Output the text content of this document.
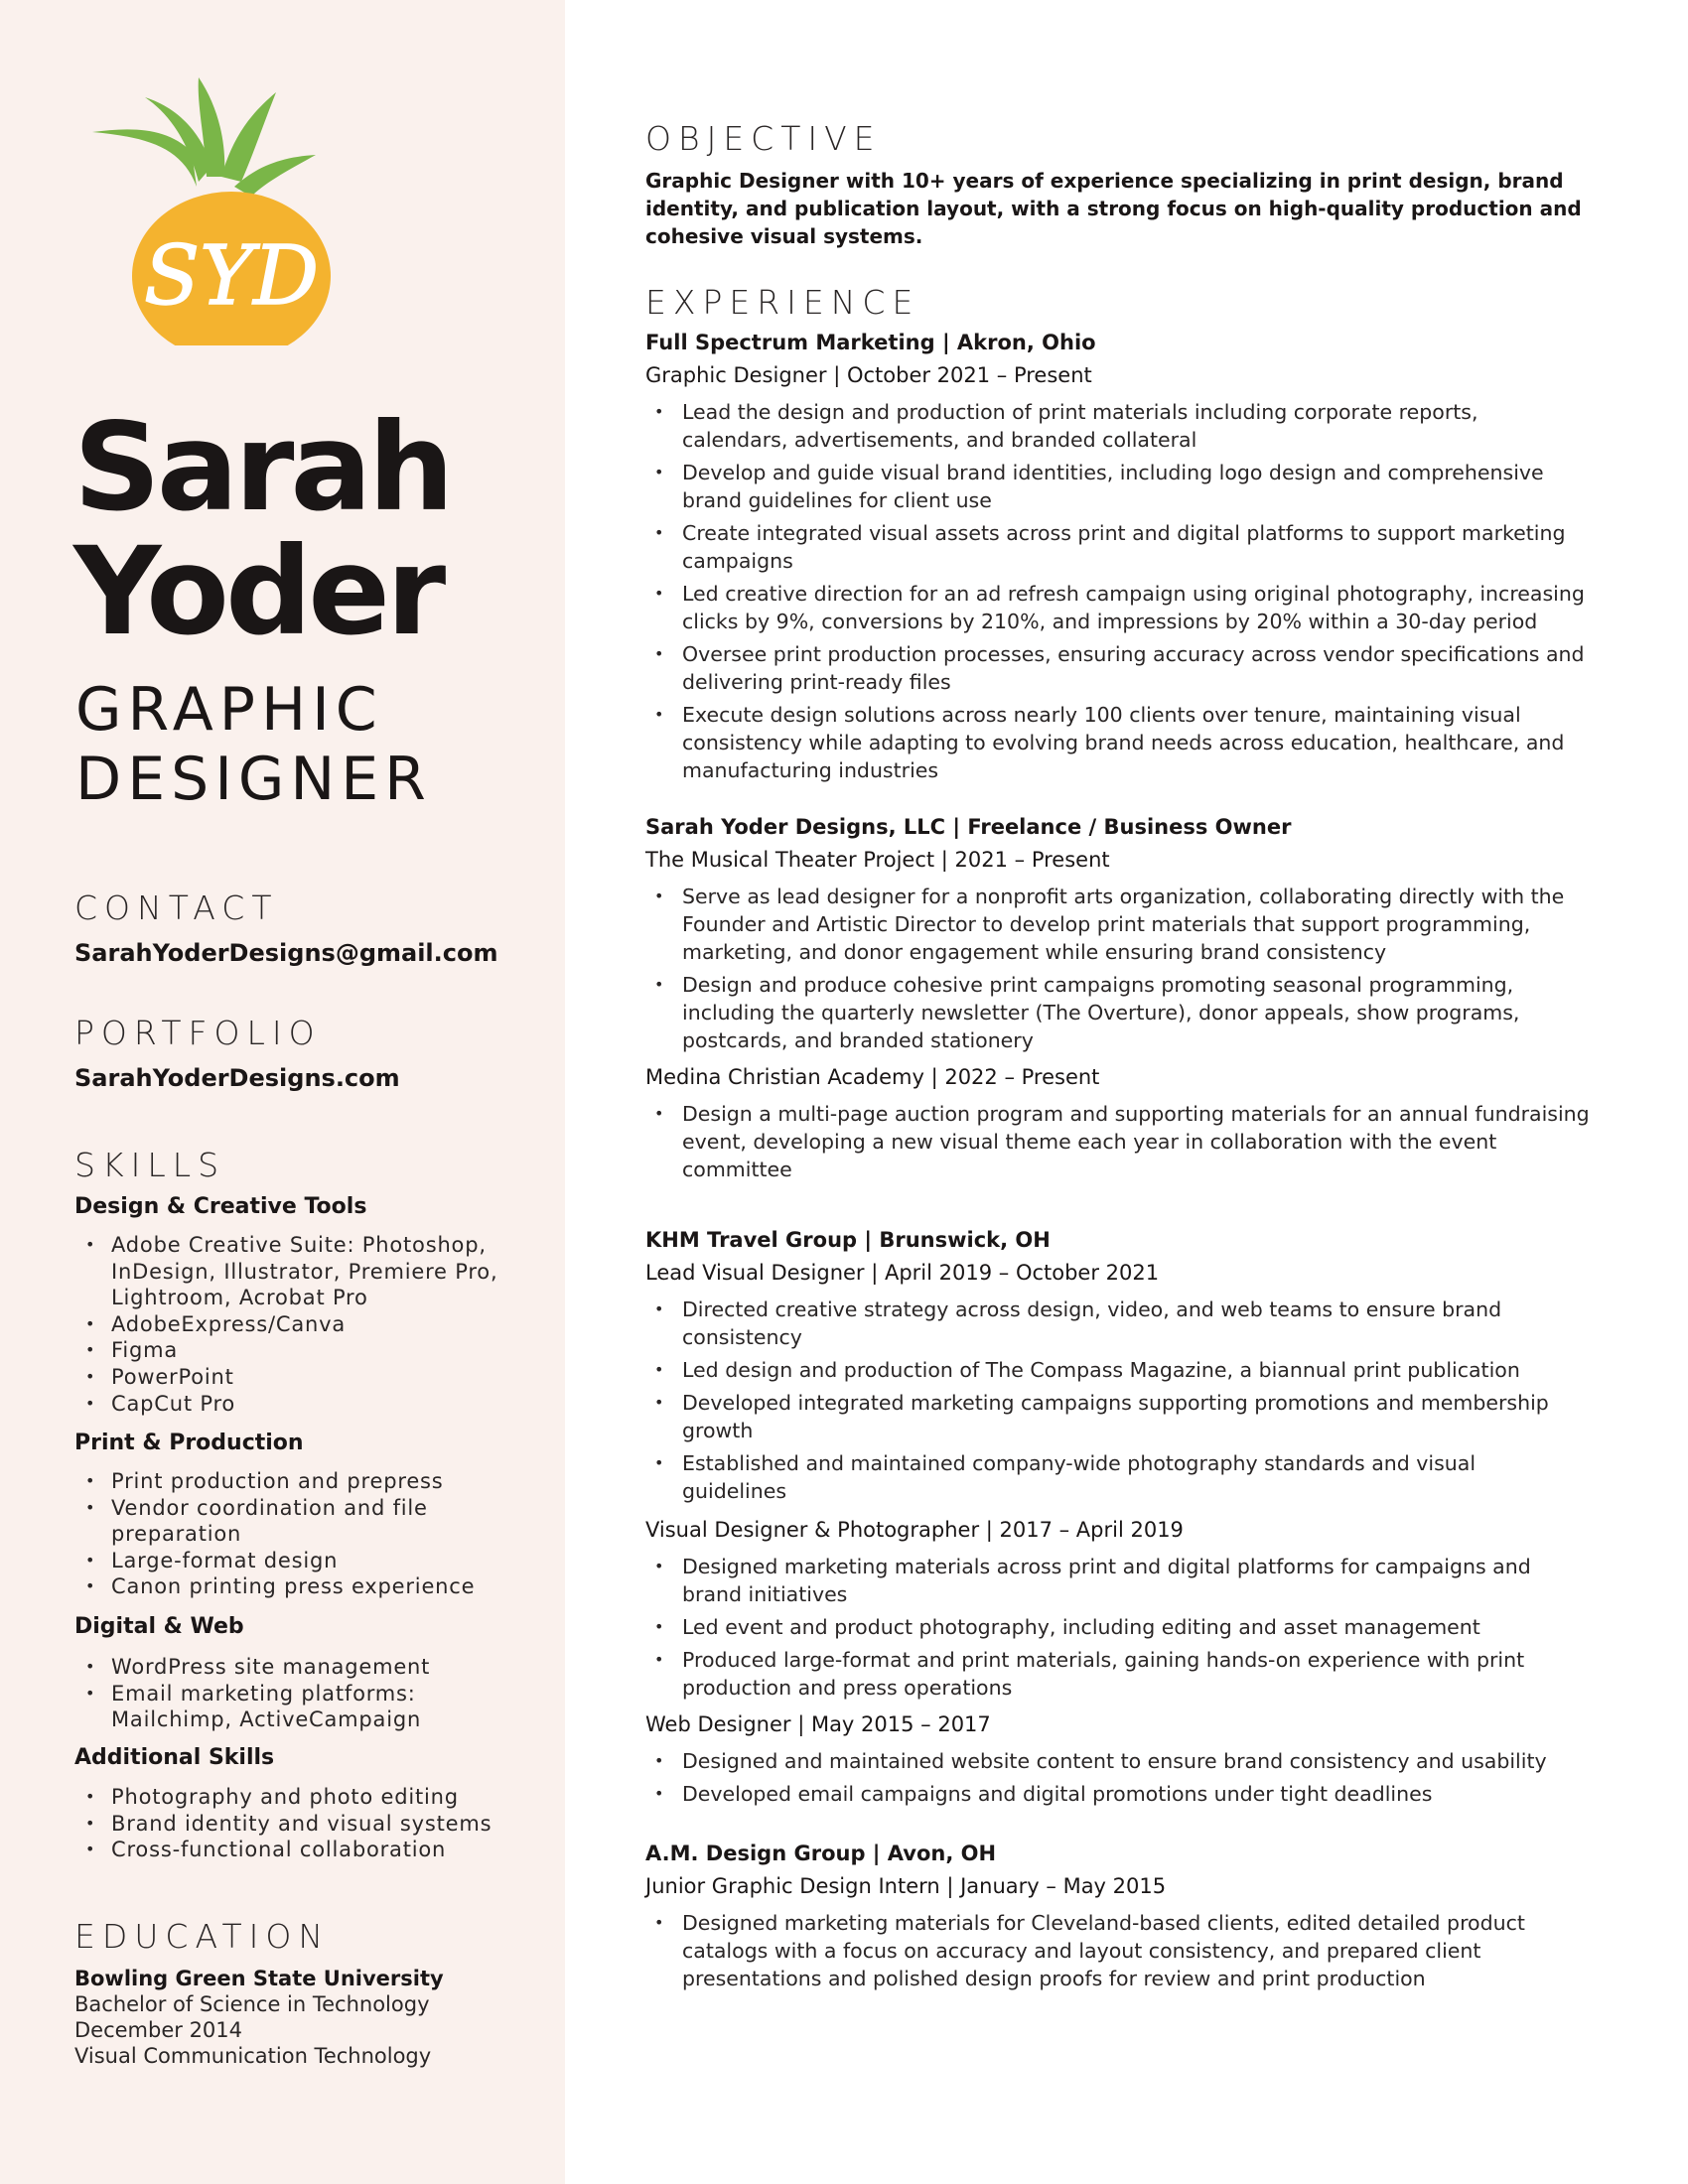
SYD
Sarah
Yoder
GRAPHIC
DESIGNER
CONTACT
SarahYoderDesigns@gmail.com
PORTFOLIO
SarahYoderDesigns.com
SKILLS
Design & Creative Tools
• Adobe Creative Suite: Photoshop, InDesign, Illustrator, Premiere Pro, Lightroom, Acrobat Pro
• AdobeExpress/Canva
• Figma
• PowerPoint
• CapCut Pro
Print & Production
• Print production and prepress
• Vendor coordination and file preparation
• Large-format design
• Canon printing press experience
Digital & Web
• WordPress site management
• Email marketing platforms: Mailchimp, ActiveCampaign
Additional Skills
• Photography and photo editing
• Brand identity and visual systems
• Cross-functional collaboration
EDUCATION
Bowling Green State University
Bachelor of Science in Technology
December 2014
Visual Communication Technology
OBJECTIVE
Graphic Designer with 10+ years of experience specializing in print design, brand identity, and publication layout, with a strong focus on high-quality production and cohesive visual systems.
EXPERIENCE
Full Spectrum Marketing | Akron, Ohio
Graphic Designer | October 2021 – Present
• Lead the design and production of print materials including corporate reports, calendars, advertisements, and branded collateral
• Develop and guide visual brand identities, including logo design and comprehensive brand guidelines for client use
• Create integrated visual assets across print and digital platforms to support marketing campaigns
• Led creative direction for an ad refresh campaign using original photography, increasing clicks by 9%, conversions by 210%, and impressions by 20% within a 30-day period
• Oversee print production processes, ensuring accuracy across vendor specifications and delivering print-ready files
• Execute design solutions across nearly 100 clients over tenure, maintaining visual consistency while adapting to evolving brand needs across education, healthcare, and manufacturing industries
Sarah Yoder Designs, LLC | Freelance / Business Owner
The Musical Theater Project | 2021 – Present
• Serve as lead designer for a nonprofit arts organization, collaborating directly with the Founder and Artistic Director to develop print materials that support programming, marketing, and donor engagement while ensuring brand consistency
• Design and produce cohesive print campaigns promoting seasonal programming, including the quarterly newsletter (The Overture), donor appeals, show programs, postcards, and branded stationery
Medina Christian Academy | 2022 – Present
• Design a multi-page auction program and supporting materials for an annual fundraising event, developing a new visual theme each year in collaboration with the event committee
KHM Travel Group | Brunswick, OH
Lead Visual Designer | April 2019 – October 2021
• Directed creative strategy across design, video, and web teams to ensure brand consistency
• Led design and production of The Compass Magazine, a biannual print publication
• Developed integrated marketing campaigns supporting promotions and membership growth
• Established and maintained company-wide photography standards and visual guidelines
Visual Designer & Photographer | 2017 – April 2019
• Designed marketing materials across print and digital platforms for campaigns and brand initiatives
• Led event and product photography, including editing and asset management
• Produced large-format and print materials, gaining hands-on experience with print production and press operations
Web Designer | May 2015 – 2017
• Designed and maintained website content to ensure brand consistency and usability
• Developed email campaigns and digital promotions under tight deadlines
A.M. Design Group | Avon, OH
Junior Graphic Design Intern | January – May 2015
• Designed marketing materials for Cleveland-based clients, edited detailed product catalogs with a focus on accuracy and layout consistency, and prepared client presentations and polished design proofs for review and print production
